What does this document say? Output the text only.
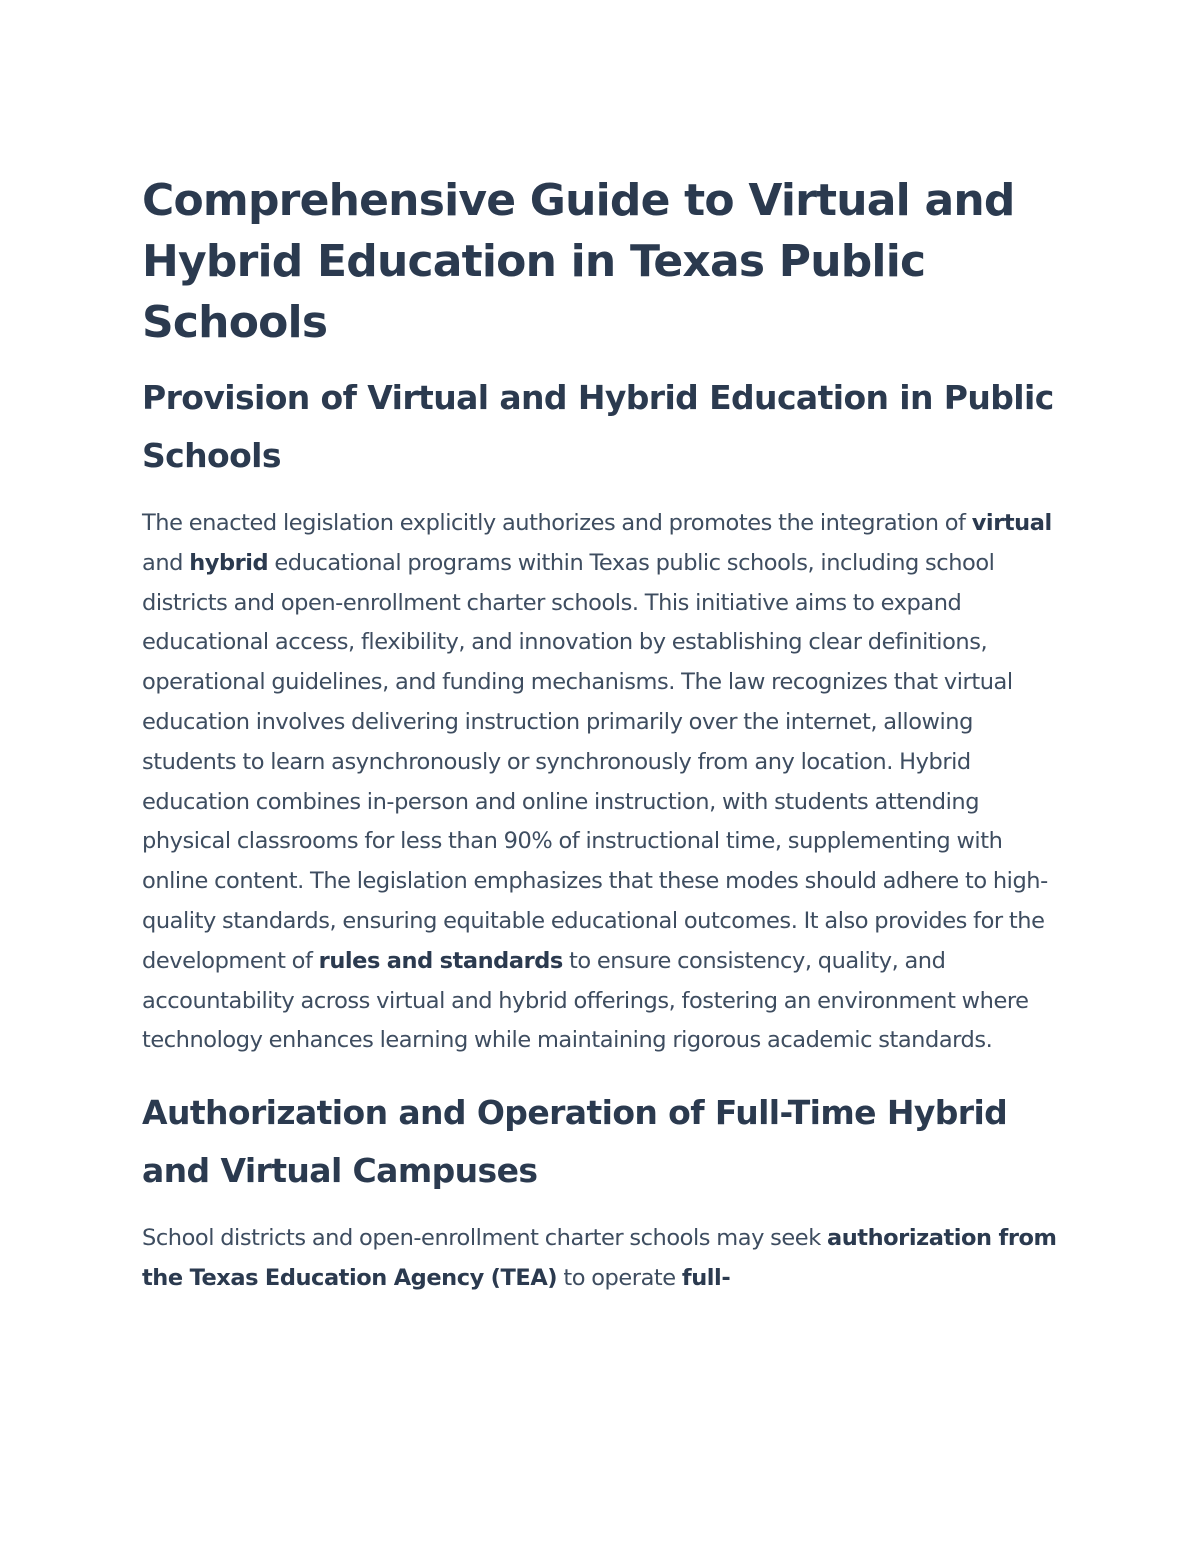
Comprehensive Guide to Virtual and Hybrid Education in Texas Public Schools
Provision of Virtual and Hybrid Education in Public Schools

The enacted legislation explicitly authorizes and promotes the integration of virtual and hybrid educational programs within Texas public schools, including school districts and open-enrollment charter schools. This initiative aims to expand educational access, flexibility, and innovation by establishing clear definitions, operational guidelines, and funding mechanisms. The law recognizes that virtual education involves delivering instruction primarily over the internet, allowing students to learn asynchronously or synchronously from any location. Hybrid education combines in-person and online instruction, with students attending physical classrooms for less than 90% of instructional time, supplementing with online content. The legislation emphasizes that these modes should adhere to high-quality standards, ensuring equitable educational outcomes. It also provides for the development of rules and standards to ensure consistency, quality, and accountability across virtual and hybrid offerings, fostering an environment where technology enhances learning while maintaining rigorous academic standards.

Authorization and Operation of Full-Time Hybrid and Virtual Campuses

School districts and open-enrollment charter schools may seek authorization from the Texas Education Agency (TEA) to operate full-
